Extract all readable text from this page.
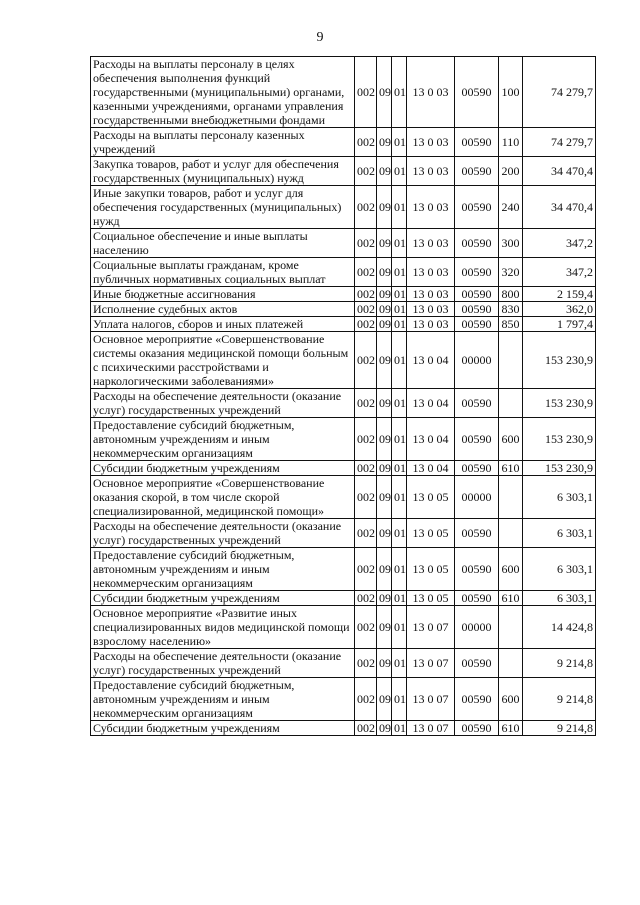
9
Расходы на выплаты персоналу в целях обеспечения выполнения функций государственными (муниципальными) органами, казенными учреждениями, органами управления государственными внебюджетными фондами	002	09	01	13 0 03	00590	100	74 279,7
Расходы на выплаты персоналу казенных учреждений	002	09	01	13 0 03	00590	110	74 279,7
Закупка товаров, работ и услуг для обеспечения государственных (муниципальных) нужд	002	09	01	13 0 03	00590	200	34 470,4
Иные закупки товаров, работ и услуг для обеспечения государственных (муниципальных) нужд	002	09	01	13 0 03	00590	240	34 470,4
Социальное обеспечение и иные выплаты населению	002	09	01	13 0 03	00590	300	347,2
Социальные выплаты гражданам, кроме публичных нормативных социальных выплат	002	09	01	13 0 03	00590	320	347,2
Иные бюджетные ассигнования	002	09	01	13 0 03	00590	800	2 159,4
Исполнение судебных актов	002	09	01	13 0 03	00590	830	362,0
Уплата налогов, сборов и иных платежей	002	09	01	13 0 03	00590	850	1 797,4
Основное мероприятие «Совершенствование системы оказания медицинской помощи больным с психическими расстройствами и наркологическими заболеваниями»	002	09	01	13 0 04	00000		153 230,9
Расходы на обеспечение деятельности (оказание услуг) государственных учреждений	002	09	01	13 0 04	00590		153 230,9
Предоставление субсидий бюджетным, автономным учреждениям и иным некоммерческим организациям	002	09	01	13 0 04	00590	600	153 230,9
Субсидии бюджетным учреждениям	002	09	01	13 0 04	00590	610	153 230,9
Основное мероприятие «Совершенствование оказания скорой, в том числе скорой специализированной, медицинской помощи»	002	09	01	13 0 05	00000		6 303,1
Расходы на обеспечение деятельности (оказание услуг) государственных учреждений	002	09	01	13 0 05	00590		6 303,1
Предоставление субсидий бюджетным, автономным учреждениям и иным некоммерческим организациям	002	09	01	13 0 05	00590	600	6 303,1
Субсидии бюджетным учреждениям	002	09	01	13 0 05	00590	610	6 303,1
Основное мероприятие «Развитие иных специализированных видов медицинской помощи взрослому населению»	002	09	01	13 0 07	00000		14 424,8
Расходы на обеспечение деятельности (оказание услуг) государственных учреждений	002	09	01	13 0 07	00590		9 214,8
Предоставление субсидий бюджетным, автономным учреждениям и иным некоммерческим организациям	002	09	01	13 0 07	00590	600	9 214,8
Субсидии бюджетным учреждениям	002	09	01	13 0 07	00590	610	9 214,8
